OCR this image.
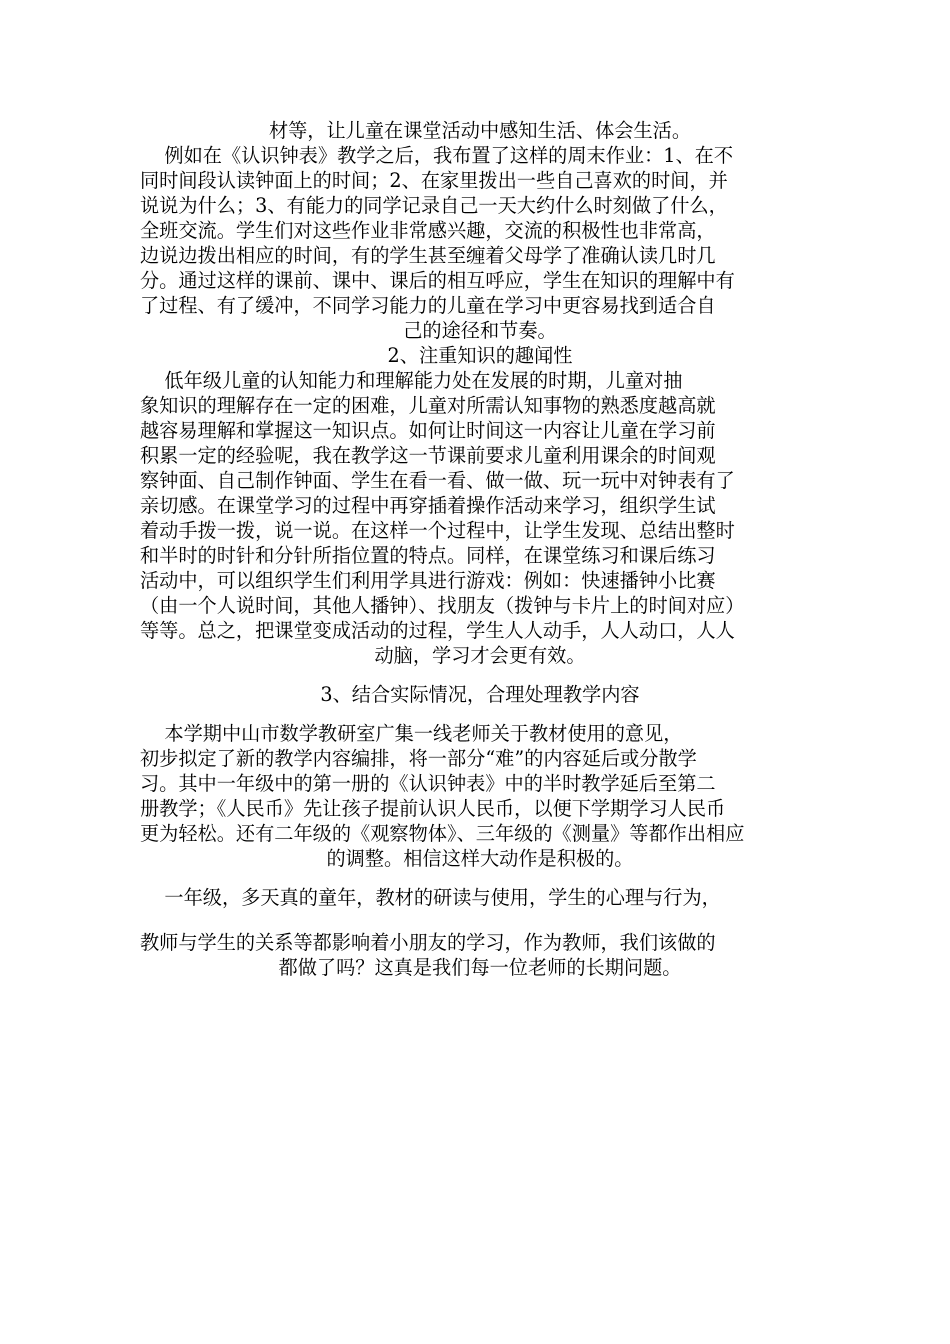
材等，让儿童在课堂活动中感知生活、体会生活。
例如在《认识钟表》教学之后，我布置了这样的周末作业：1、在不
同时间段认读钟面上的时间；2、在家里拨出一些自己喜欢的时间，并
说说为什么；3、有能力的同学记录自己一天大约什么时刻做了什么，
全班交流。学生们对这些作业非常感兴趣，交流的积极性也非常高，
边说边拨出相应的时间，有的学生甚至缠着父母学了准确认读几时几
分。通过这样的课前、课中、课后的相互呼应，学生在知识的理解中有
了过程、有了缓冲，不同学习能力的儿童在学习中更容易找到适合自
己的途径和节奏。
2、注重知识的趣闻性
低年级儿童的认知能力和理解能力处在发展的时期，儿童对抽
象知识的理解存在一定的困难，儿童对所需认知事物的熟悉度越高就
越容易理解和掌握这一知识点。如何让时间这一内容让儿童在学习前
积累一定的经验呢，我在教学这一节课前要求儿童利用课余的时间观
察钟面、自己制作钟面、学生在看一看、做一做、玩一玩中对钟表有了
亲切感。在课堂学习的过程中再穿插着操作活动来学习，组织学生试
着动手拨一拨，说一说。在这样一个过程中，让学生发现、总结出整时
和半时的时针和分针所指位置的特点。同样，在课堂练习和课后练习
活动中，可以组织学生们利用学具进行游戏：例如：快速播钟小比赛
（由一个人说时间，其他人播钟）、找朋友（拨钟与卡片上的时间对应）
等等。总之，把课堂变成活动的过程，学生人人动手，人人动口，人人
动脑，学习才会更有效。
3、结合实际情况，合理处理教学内容
本学期中山市数学教研室广集一线老师关于教材使用的意见，
初步拟定了新的教学内容编排，将一部分“难”的内容延后或分散学
习。其中一年级中的第一册的《认识钟表》中的半时教学延后至第二
册教学；《人民币》先让孩子提前认识人民币，以便下学期学习人民币
更为轻松。还有二年级的《观察物体》、三年级的《测量》等都作出相应
的调整。相信这样大动作是积极的。
一年级，多天真的童年，教材的研读与使用，学生的心理与行为，
教师与学生的关系等都影响着小朋友的学习，作为教师，我们该做的
都做了吗？这真是我们每一位老师的长期问题。
